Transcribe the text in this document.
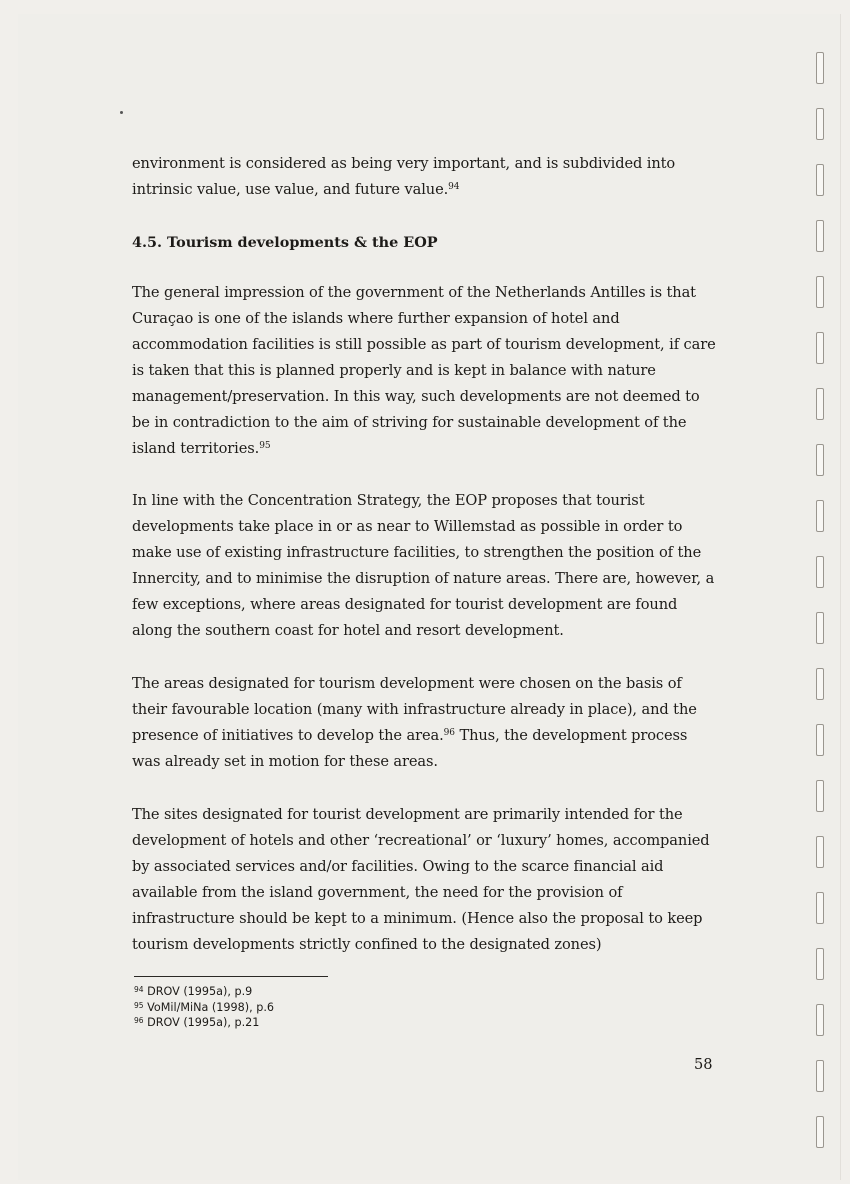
environment is considered as being very important, and is subdivided into intrinsic value, use value, and future value.$^{94}$

4.5. Tourism developments & the EOP

The general impression of the government of the Netherlands Antilles is that Curaçao is one of the islands where further expansion of hotel and accommodation facilities is still possible as part of tourism development, if care is taken that this is planned properly and is kept in balance with nature management/preservation. In this way, such developments are not deemed to be in contradiction to the aim of striving for sustainable development of the island territories.$^{95}$

In line with the Concentration Strategy, the EOP proposes that tourist developments take place in or as near to Willemstad as possible in order to make use of existing infrastructure facilities, to strengthen the position of the Innercity, and to minimise the disruption of nature areas. There are, however, a few exceptions, where areas designated for tourist development are found along the southern coast for hotel and resort development.

The areas designated for tourism development were chosen on the basis of their favourable location (many with infrastructure already in place), and the presence of initiatives to develop the area.$^{96}$ Thus, the development process was already set in motion for these areas.

The sites designated for tourist development are primarily intended for the development of hotels and other ‘recreational’ or ‘luxury’ homes, accompanied by associated services and/or facilities. Owing to the scarce financial aid available from the island government, the need for the provision of infrastructure should be kept to a minimum. (Hence also the proposal to keep tourism developments strictly confined to the designated zones)

$^{94}$ DROV (1995a), p.9
$^{95}$ VoMil/MiNa (1998), p.6
$^{96}$ DROV (1995a), p.21

58
